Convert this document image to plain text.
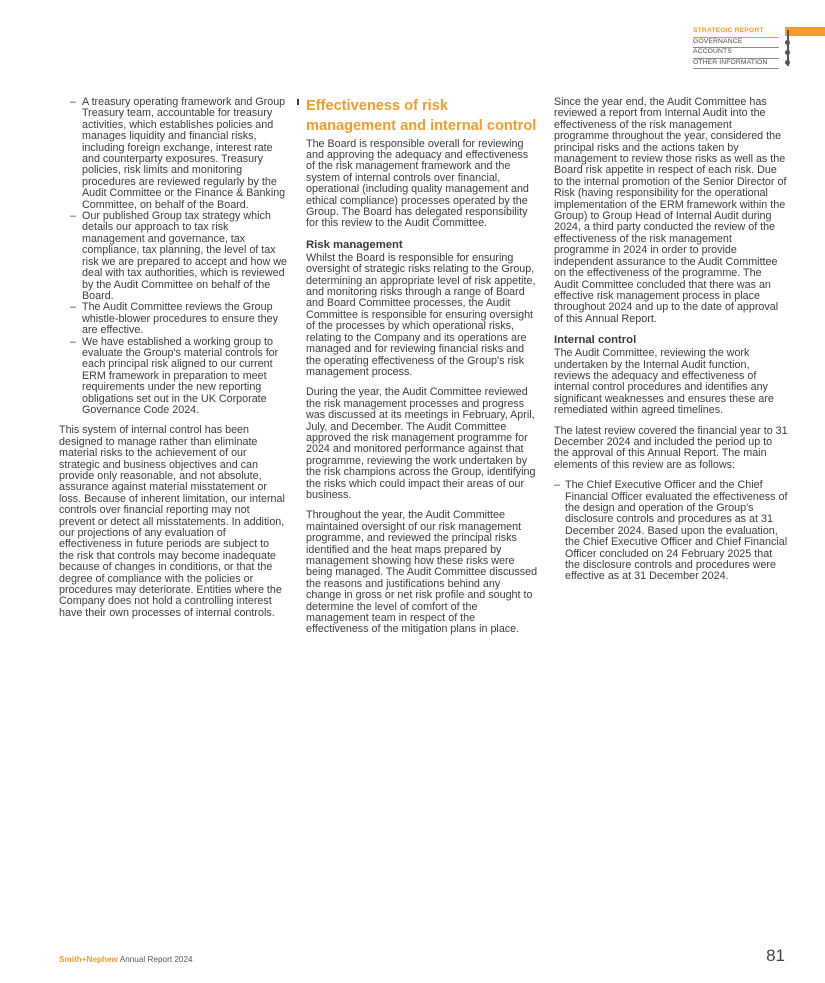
STRATEGIC REPORT
GOVERNANCE
ACCOUNTS
OTHER INFORMATION
– A treasury operating framework and Group Treasury team, accountable for treasury activities, which establishes policies and manages liquidity and financial risks, including foreign exchange, interest rate and counterparty exposures. Treasury policies, risk limits and monitoring procedures are reviewed regularly by the Audit Committee or the Finance & Banking Committee, on behalf of the Board.
– Our published Group tax strategy which details our approach to tax risk management and governance, tax compliance, tax planning, the level of tax risk we are prepared to accept and how we deal with tax authorities, which is reviewed by the Audit Committee on behalf of the Board.
– The Audit Committee reviews the Group whistle-blower procedures to ensure they are effective.
– We have established a working group to evaluate the Group's material controls for each principal risk aligned to our current ERM framework in preparation to meet requirements under the new reporting obligations set out in the UK Corporate Governance Code 2024.

This system of internal control has been designed to manage rather than eliminate material risks to the achievement of our strategic and business objectives and can provide only reasonable, and not absolute, assurance against material misstatement or loss. Because of inherent limitation, our internal controls over financial reporting may not prevent or detect all misstatements. In addition, our projections of any evaluation of effectiveness in future periods are subject to the risk that controls may become inadequate because of changes in conditions, or that the degree of compliance with the policies or procedures may deteriorate. Entities where the Company does not hold a controlling interest have their own processes of internal controls.

Effectiveness of risk management and internal control

The Board is responsible overall for reviewing and approving the adequacy and effectiveness of the risk management framework and the system of internal controls over financial, operational (including quality management and ethical compliance) processes operated by the Group. The Board has delegated responsibility for this review to the Audit Committee.

Risk management

Whilst the Board is responsible for ensuring oversight of strategic risks relating to the Group, determining an appropriate level of risk appetite, and monitoring risks through a range of Board and Board Committee processes, the Audit Committee is responsible for ensuring oversight of the processes by which operational risks, relating to the Company and its operations are managed and for reviewing financial risks and the operating effectiveness of the Group's risk management process.

During the year, the Audit Committee reviewed the risk management processes and progress was discussed at its meetings in February, April, July, and December. The Audit Committee approved the risk management programme for 2024 and monitored performance against that programme, reviewing the work undertaken by the risk champions across the Group, identifying the risks which could impact their areas of our business.

Throughout the year, the Audit Committee maintained oversight of our risk management programme, and reviewed the principal risks identified and the heat maps prepared by management showing how these risks were being managed. The Audit Committee discussed the reasons and justifications behind any change in gross or net risk profile and sought to determine the level of comfort of the management team in respect of the effectiveness of the mitigation plans in place.

Since the year end, the Audit Committee has reviewed a report from Internal Audit into the effectiveness of the risk management programme throughout the year, considered the principal risks and the actions taken by management to review those risks as well as the Board risk appetite in respect of each risk. Due to the internal promotion of the Senior Director of Risk (having responsibility for the operational implementation of the ERM framework within the Group) to Group Head of Internal Audit during 2024, a third party conducted the review of the effectiveness of the risk management programme in 2024 in order to provide independent assurance to the Audit Committee on the effectiveness of the programme. The Audit Committee concluded that there was an effective risk management process in place throughout 2024 and up to the date of approval of this Annual Report.

Internal control

The Audit Committee, reviewing the work undertaken by the Internal Audit function, reviews the adequacy and effectiveness of internal control procedures and identifies any significant weaknesses and ensures these are remediated within agreed timelines.

The latest review covered the financial year to 31 December 2024 and included the period up to the approval of this Annual Report. The main elements of this review are as follows:

– The Chief Executive Officer and the Chief Financial Officer evaluated the effectiveness of the design and operation of the Group's disclosure controls and procedures as at 31 December 2024. Based upon the evaluation, the Chief Executive Officer and Chief Financial Officer concluded on 24 February 2025 that the disclosure controls and procedures were effective as at 31 December 2024.
Smith+Nephew Annual Report 2024	81
